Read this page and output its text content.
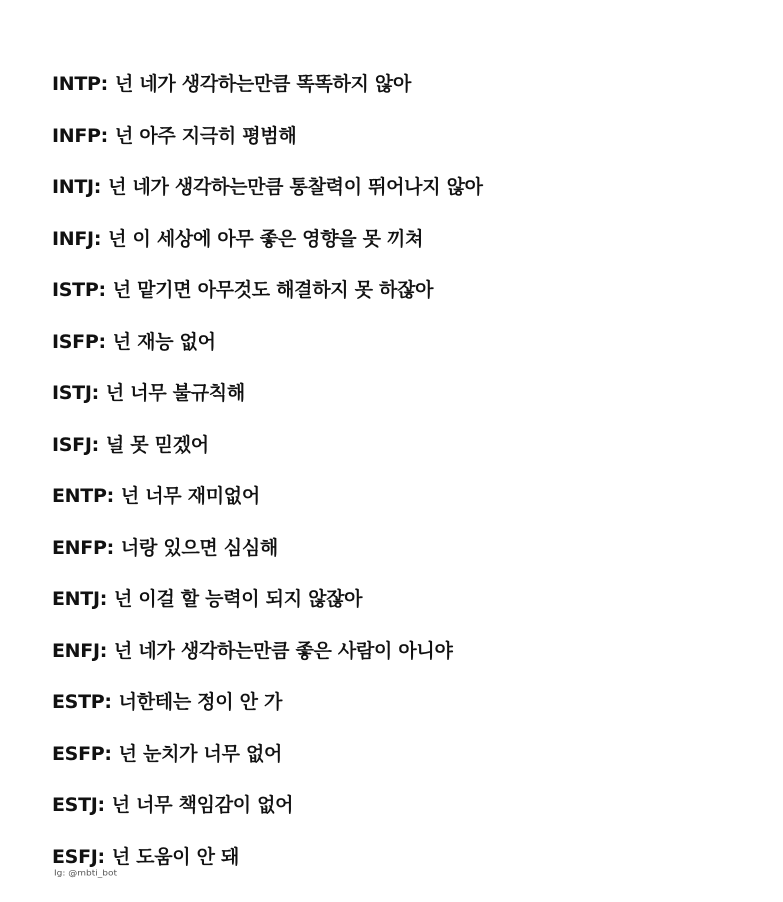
INTP: 넌 네가 생각하는만큼 똑똑하지 않아
INFP: 넌 아주 지극히 평범해
INTJ: 넌 네가 생각하는만큼 통찰력이 뛰어나지 않아
INFJ: 넌 이 세상에 아무 좋은 영향을 못 끼쳐
ISTP: 넌 맡기면 아무것도 해결하지 못 하잖아
ISFP: 넌 재능 없어
ISTJ: 넌 너무 불규칙해
ISFJ: 널 못 믿겠어
ENTP: 넌 너무 재미없어
ENFP: 너랑 있으면 심심해
ENTJ: 넌 이걸 할 능력이 되지 않잖아
ENFJ: 넌 네가 생각하는만큼 좋은 사람이 아니야
ESTP: 너한테는 정이 안 가
ESFP: 넌 눈치가 너무 없어
ESTJ: 넌 너무 책임감이 없어
ESFJ: 넌 도움이 안 돼
Ig: @mbti_bot
